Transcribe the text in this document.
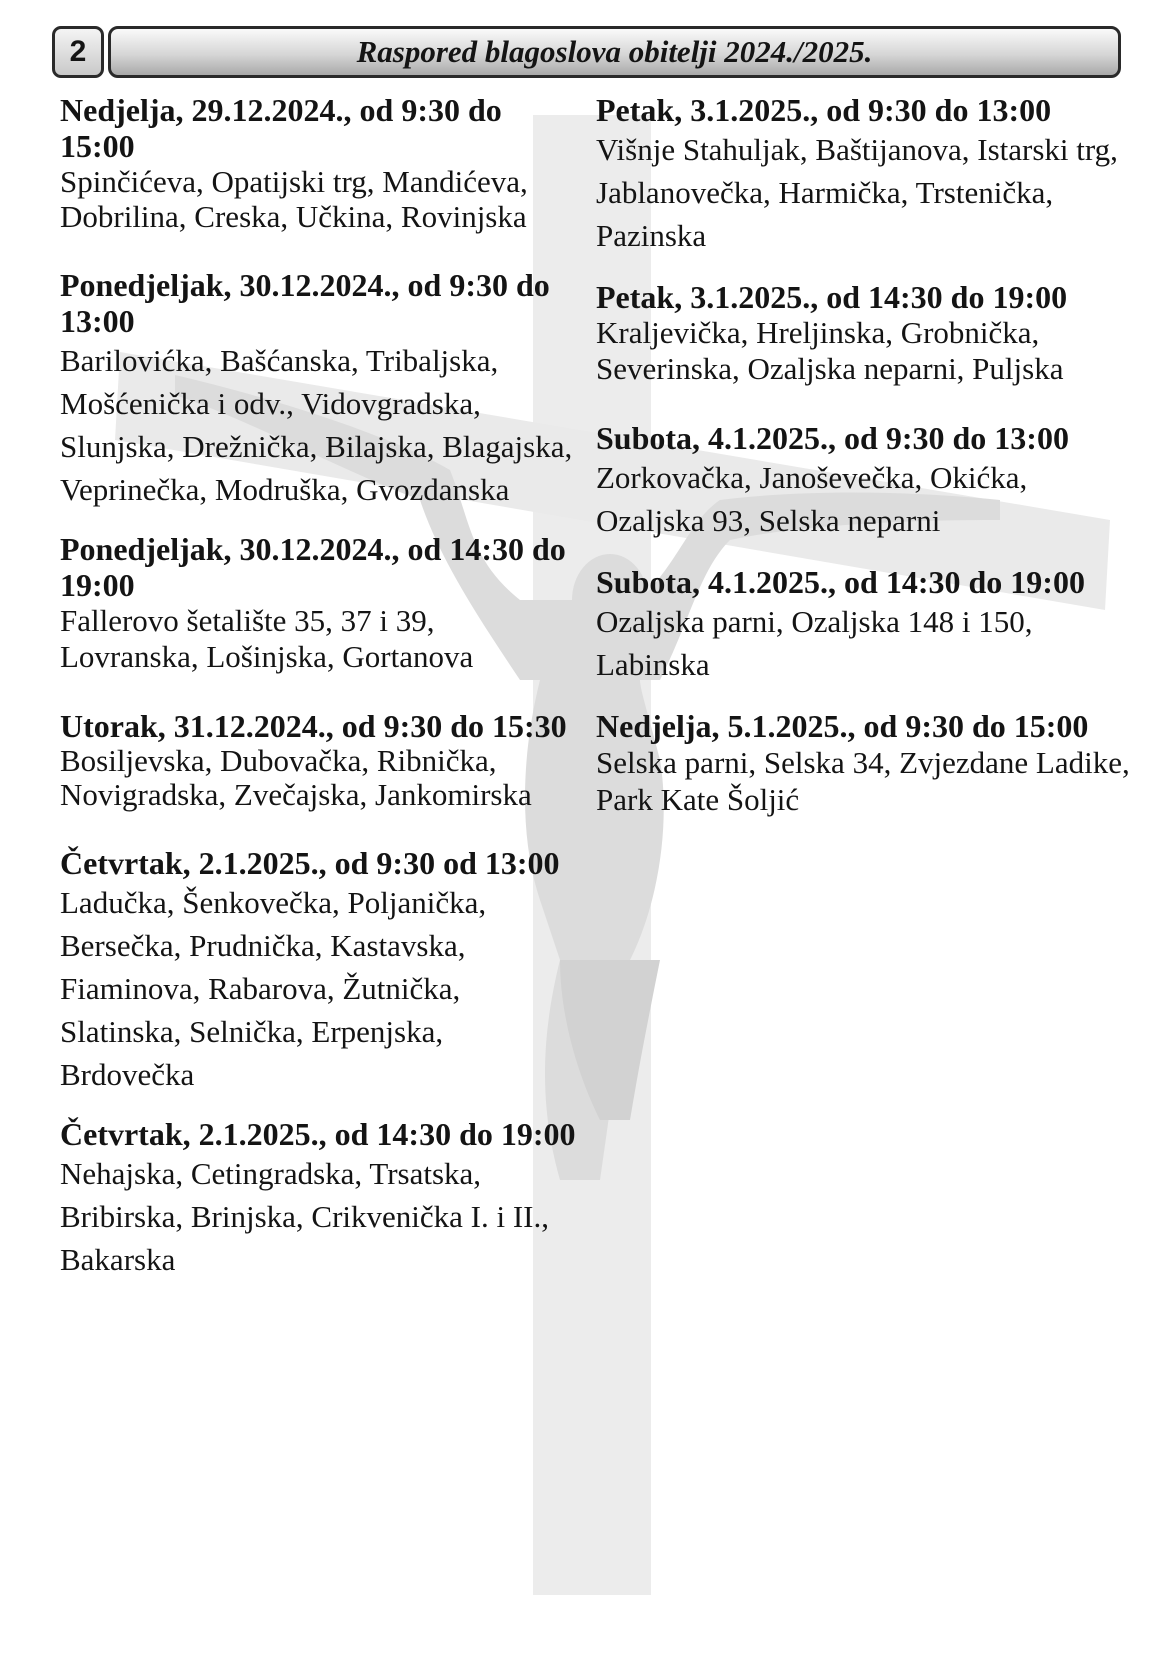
2	Raspored blagoslova obitelji 2024./2025.
Nedjelja, 29.12.2024., od 9:30 do 15:00
Spinčićeva, Opatijski trg, Mandićeva, Dobrilina, Creska, Učkina, Rovinjska
Ponedjeljak, 30.12.2024., od 9:30 do 13:00
Barilovićka, Bašćanska, Tribaljska, Mošćenička i odv., Vidovgradska, Slunjska, Drežnička, Bilajska, Blagajska, Veprinečka, Modruška, Gvozdanska
Ponedjeljak, 30.12.2024., od 14:30 do 19:00
Fallerovo šetalište 35, 37 i 39, Lovranska, Lošinjska, Gortanova
Utorak, 31.12.2024., od 9:30 do 15:30
Bosiljevska, Dubovačka, Ribnička, Novigradska, Zvečajska, Jankomirska
Četvrtak, 2.1.2025., od 9:30 od 13:00
Ladučka, Šenkovečka, Poljanička, Bersečka, Prudnička, Kastavska, Fiaminova, Rabarova, Žutnička, Slatinska, Selnička, Erpenjska, Brdovečka
Četvrtak, 2.1.2025., od 14:30 do 19:00
Nehajska, Cetingradska, Trsatska, Bribirska, Brinjska, Crikvenička I. i II., Bakarska
Petak, 3.1.2025., od 9:30 do 13:00
Višnje Stahuljak, Baštijanova, Istarski trg, Jablanovečka, Harmička, Trstenička, Pazinska
Petak, 3.1.2025., od 14:30 do 19:00
Kraljevička, Hreljinska, Grobnička, Severinska, Ozaljska neparni, Puljska
Subota, 4.1.2025., od 9:30 do 13:00
Zorkovačka, Janoševečka, Okićka, Ozaljska 93, Selska neparni
Subota, 4.1.2025., od 14:30 do 19:00
Ozaljska parni, Ozaljska 148 i 150, Labinska
Nedjelja, 5.1.2025., od 9:30 do 15:00
Selska parni, Selska 34, Zvjezdane Ladike, Park Kate Šoljić
